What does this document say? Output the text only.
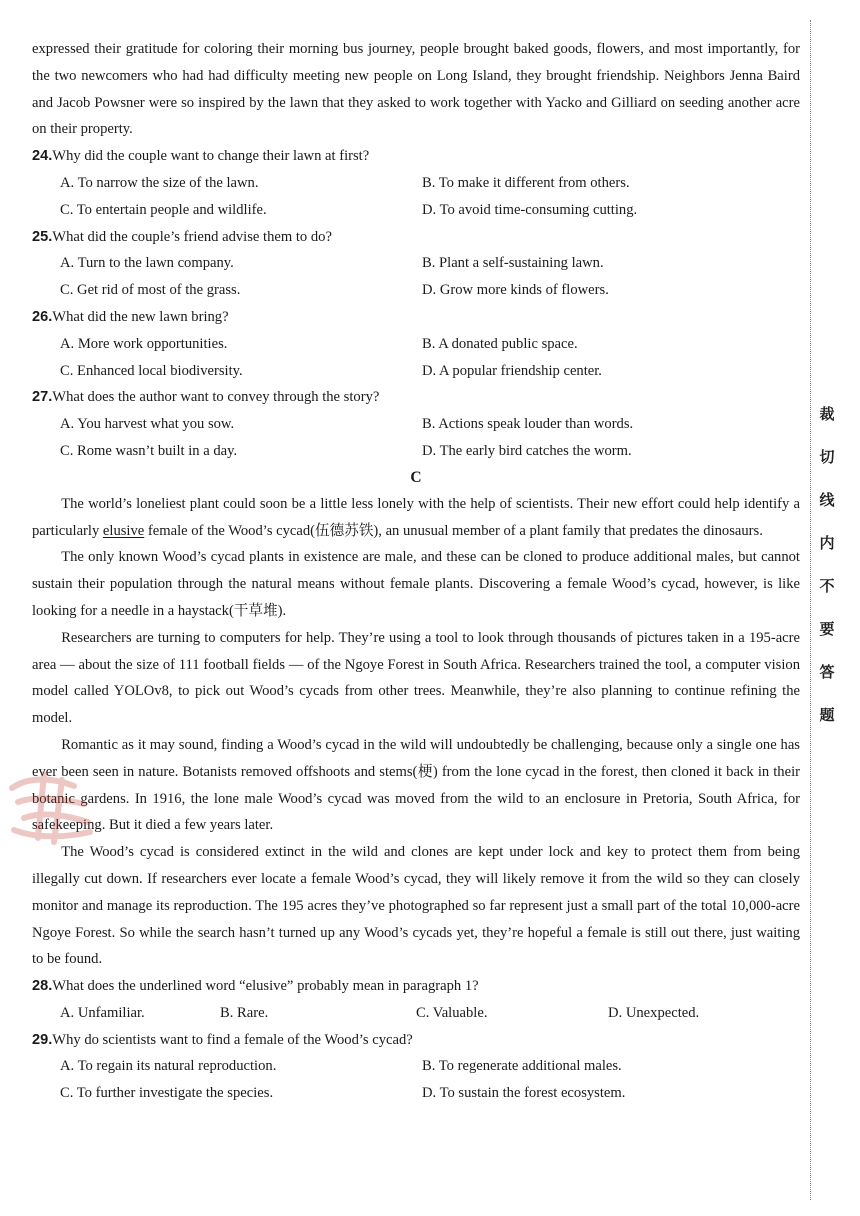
expressed their gratitude for coloring their morning bus journey, people brought baked goods, flowers, and most importantly, for the two newcomers who had had difficulty meeting new people on Long Island, they brought friendship. Neighbors Jenna Baird and Jacob Powsner were so inspired by the lawn that they asked to work together with Yacko and Gilliard on seeding another acre on their property.

24.Why did the couple want to change their lawn at first?
A. To narrow the size of the lawn.	B. To make it different from others.
C. To entertain people and wildlife.	D. To avoid time-consuming cutting.
25.What did the couple’s friend advise them to do?
A. Turn to the lawn company.	B. Plant a self-sustaining lawn.
C. Get rid of most of the grass.	D. Grow more kinds of flowers.
26.What did the new lawn bring?
A. More work opportunities.	B. A donated public space.
C. Enhanced local biodiversity.	D. A popular friendship center.
27.What does the author want to convey through the story?
A. You harvest what you sow.	B. Actions speak louder than words.
C. Rome wasn’t built in a day.	D. The early bird catches the worm.
C

The world’s loneliest plant could soon be a little less lonely with the help of scientists. Their new effort could help identify a particularly elusive female of the Wood’s cycad(伍德苏铁), an unusual member of a plant family that predates the dinosaurs.

The only known Wood’s cycad plants in existence are male, and these can be cloned to produce additional males, but cannot sustain their population through the natural means without female plants. Discovering a female Wood’s cycad, however, is like looking for a needle in a haystack(干草堆).

Researchers are turning to computers for help. They’re using a tool to look through thousands of pictures taken in a 195-acre area — about the size of 111 football fields — of the Ngoye Forest in South Africa. Researchers trained the tool, a computer vision model called YOLOv8, to pick out Wood’s cycads from other trees. Meanwhile, they’re also planning to continue refining the model.

Romantic as it may sound, finding a Wood’s cycad in the wild will undoubtedly be challenging, because only a single one has ever been seen in nature. Botanists removed offshoots and stems(梗) from the lone cycad in the forest, then cloned it back in their botanic gardens. In 1916, the lone male Wood’s cycad was moved from the wild to an enclosure in Pretoria, South Africa, for safekeeping. But it died a few years later.

The Wood’s cycad is considered extinct in the wild and clones are kept under lock and key to protect them from being illegally cut down. If researchers ever locate a female Wood’s cycad, they will likely remove it from the wild so they can closely monitor and manage its reproduction. The 195 acres they’ve photographed so far represent just a small part of the total 10,000-acre Ngoye Forest. So while the search hasn’t turned up any Wood’s cycads yet, they’re hopeful a female is still out there, just waiting to be found.

28.What does the underlined word “elusive” probably mean in paragraph 1?
A. Unfamiliar.	B. Rare.	C. Valuable.	D. Unexpected.
29.Why do scientists want to find a female of the Wood’s cycad?
A. To regain its natural reproduction.	B. To regenerate additional males.
C. To further investigate the species.	D. To sustain the forest ecosystem.
裁
切
线
内
不
要
答
题
